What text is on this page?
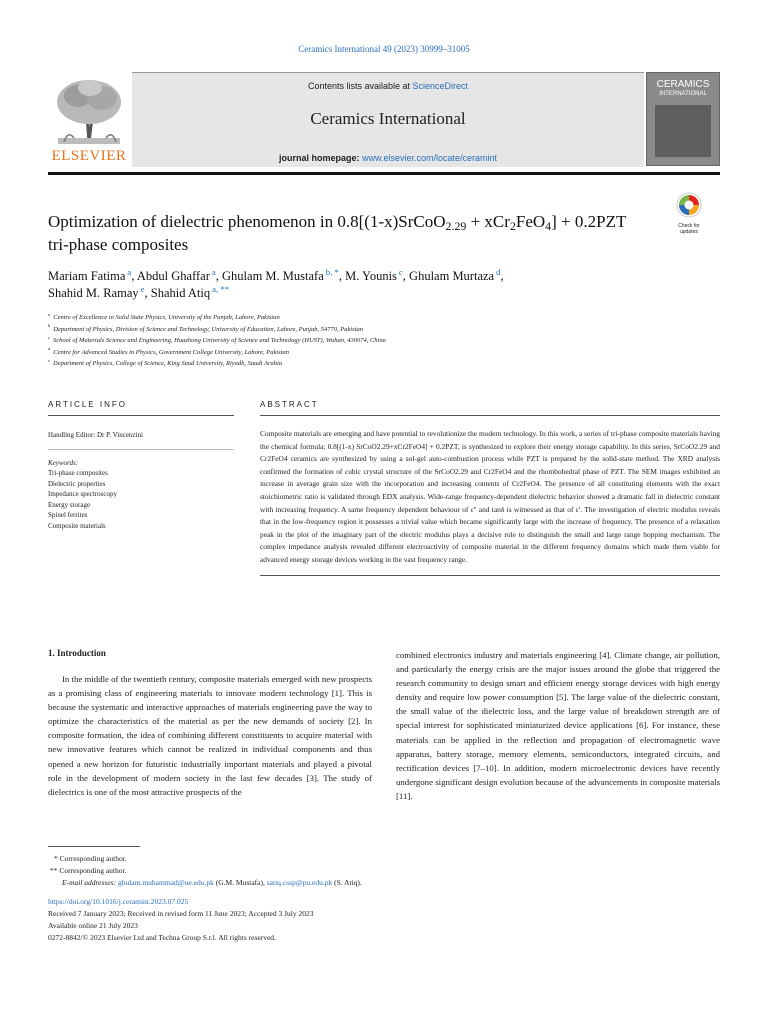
Ceramics International 49 (2023) 30999–31005
ELSEVIER
Contents lists available at ScienceDirect
Ceramics International
journal homepage: www.elsevier.com/locate/ceramint
CERAMICS
INTERNATIONAL
Optimization of dielectric phenomenon in 0.8[(1-x)SrCoO$_{2.29}$ + xCr$_2$FeO$_4$] + 0.2PZT tri-phase composites
Check for
updates
Mariam Fatima $^a$, Abdul Ghaffar $^a$, Ghulam M. Mustafa $^{b, *}$, M. Younis $^c$, Ghulam Murtaza $^d$,
Shahid M. Ramay $^e$, Shahid Atiq $^{a, **}$
$^a$ Centre of Excellence in Solid State Physics, University of the Punjab, Lahore, Pakistan
$^b$ Department of Physics, Division of Science and Technology, University of Education, Lahore, Punjab, 54770, Pakistan
$^c$ School of Materials Science and Engineering, Huazhong University of Science and Technology (HUST), Wuhan, 430074, China
$^d$ Centre for Advanced Studies in Physics, Government College University, Lahore, Pakistan
$^e$ Department of Physics, College of Science, King Saud University, Riyadh, Saudi Arabia
ARTICLE INFO
Handling Editor: Dr P. Vincenzini
Keywords:
Tri-phase composites
Dielectric properties
Impedance spectroscopy
Energy storage
Spinel ferrites
Composite materials
ABSTRACT
Composite materials are emerging and have potential to revolutionize the modern technology. In this work, a series of tri-phase composite materials having the chemical formula; 0.8[(1-x) SrCoO2.29+xCr2FeO4] + 0.2PZT, is synthesized to explore their energy storage capability. In this series, SrCoO2.29 and Cr2FeO4 ceramics are synthesized by using a sol-gel auto-combustion process while PZT is prepared by the solid-state method. The XRD analysis confirmed the formation of cubic crystal structure of the SrCoO2.29 and Cr2FeO4 and the rhombohedral phase of PZT. The SEM images exhibited an increase in average grain size with the incorporation and increasing contents of Cr2FeO4. The presence of all constituting elements with the exact stoichiometric ratio is validated through EDX analysis. Wide-range frequency-dependent dielectric behavior showed a dramatic fall in dielectric constant with increasing frequency. A same frequency dependent behaviour of ε'' and tanδ is witnessed as that of ε'. The investigation of electric modulus reveals that in the low-frequency region it possesses a trivial value which became significantly large with the increase of frequency. The presence of a relaxation peak in the plot of the imaginary part of the electric modulus plays a decisive role to distinguish the small and large range hopping mechanism. The complex impedance analysis revealed different electroactivity of composite material in the different frequency domains which made them viable for advanced energy storage devices working in the vast frequency range.
1. Introduction
In the middle of the twentieth century, composite materials emerged with new prospects as a promising class of engineering materials to innovate modern technology [1]. This is because the systematic and interactive approaches of materials engineering pave the way to optimize the characteristics of the material as per the new demands of society [2]. In composite formation, the idea of combining different constituents to acquire material with new innovative features which cannot be realized in individual components and thus opened a new horizon for futuristic industrially important materials and played a pivotal role in the development of modern society in the last few decades [3]. The study of dielectrics is one of the most attractive prospects of the
combined electronics industry and materials engineering [4]. Climate change, air pollution, and particularly the energy crisis are the major issues around the globe that triggered the research community to design smart and efficient energy storage devices with high energy density and require low power consumption [5]. The large value of the dielectric constant, the small value of the dielectric loss, and the large value of breakdown strength are of special interest for sophisticated miniaturized device applications [6]. For instance, these materials can be applied in the reflection and propagation of electromagnetic wave apparatus, battery storage, memory elements, semiconductors, integrated circuits, and rectification devices [7–10]. In addition, modern microelectronic devices have recently undergone significant design evolution because of the advancements in composite materials [11].
* Corresponding author.
** Corresponding author.
E-mail addresses: ghulam.muhammad@ue.edu.pk (G.M. Mustafa), satiq.cssp@pu.edu.pk (S. Atiq).
https://doi.org/10.1016/j.ceramint.2023.07.025
Received 7 January 2023; Received in revised form 11 June 2023; Accepted 3 July 2023
Available online 21 July 2023
0272-8842/© 2023 Elsevier Ltd and Techna Group S.r.l. All rights reserved.
